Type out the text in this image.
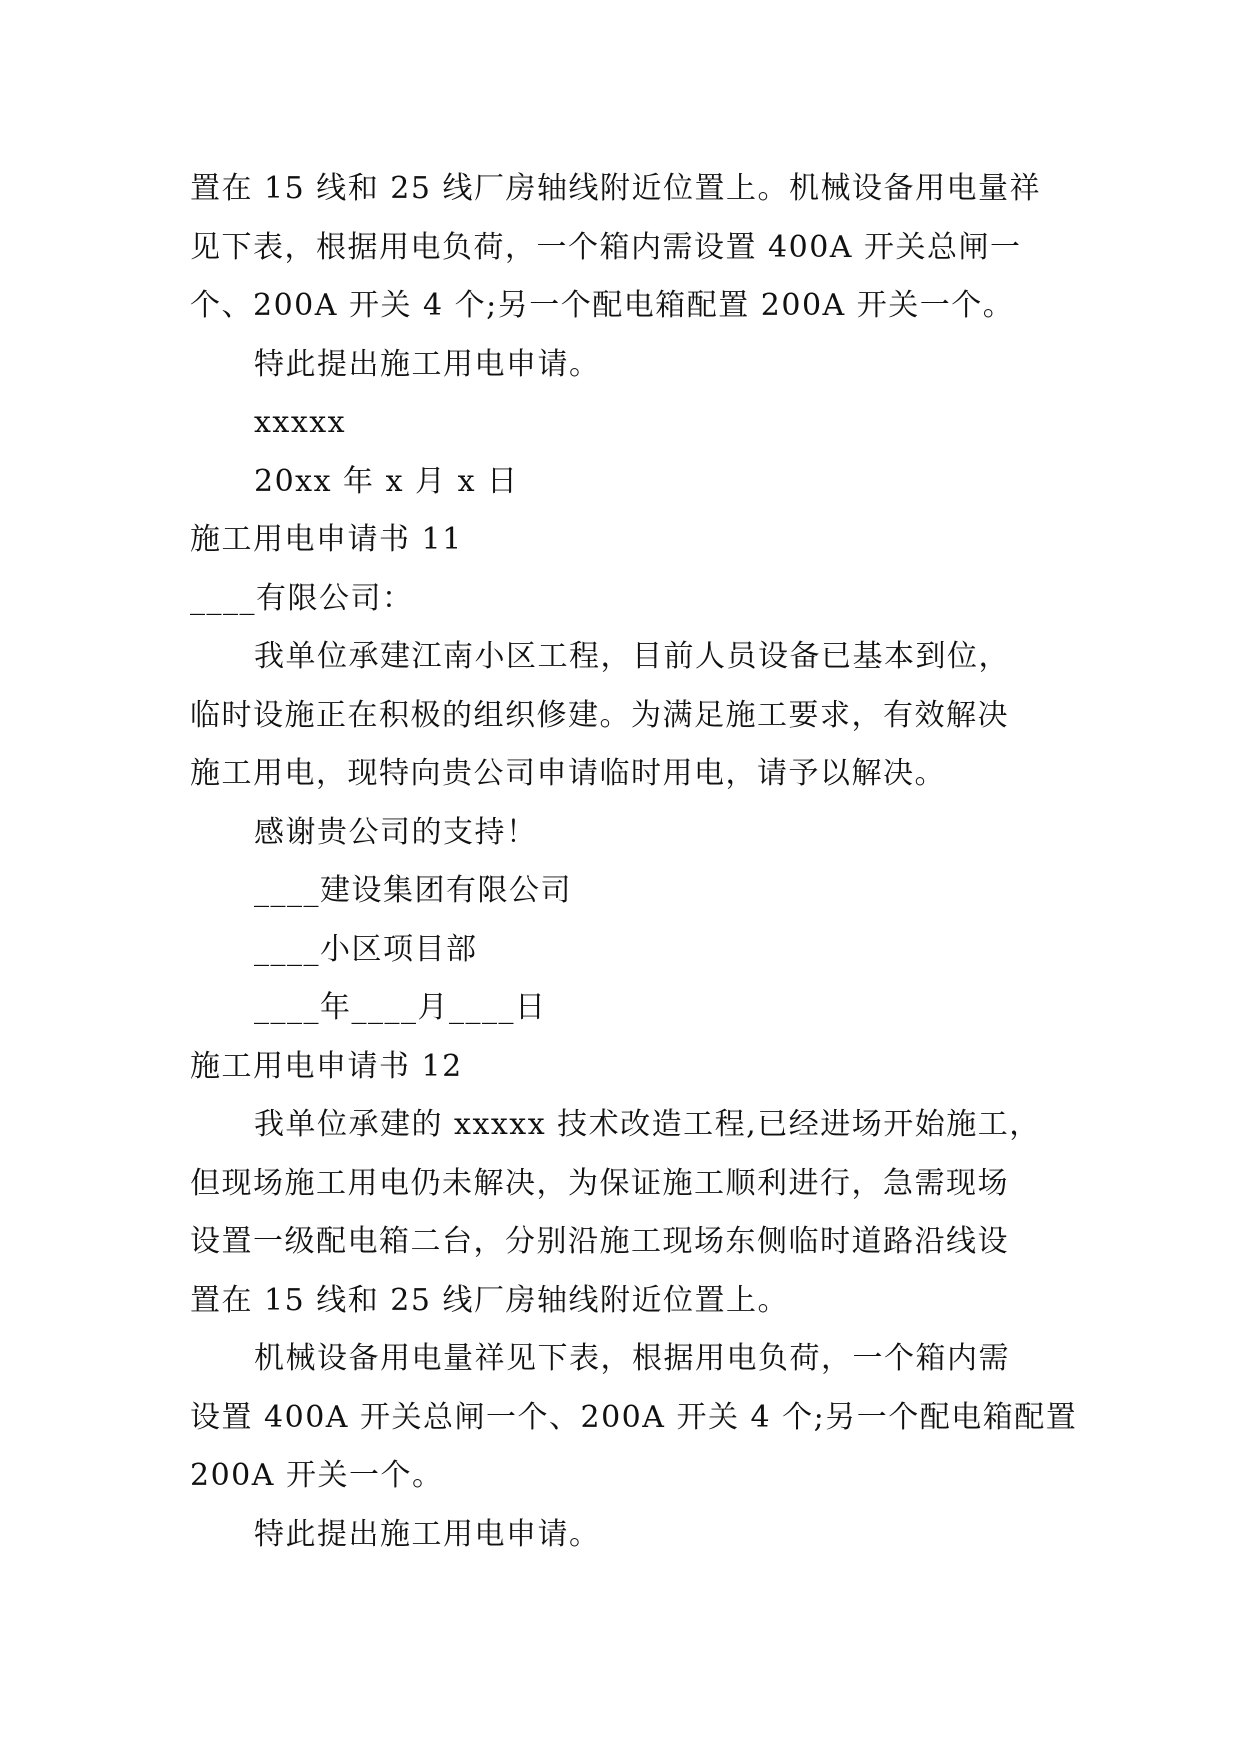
置在 15 线和 25 线厂房轴线附近位置上。机械设备用电量祥
见下表，根据用电负荷，一个箱内需设置 400A 开关总闸一
个、200A 开关 4 个;另一个配电箱配置 200A 开关一个。
特此提出施工用电申请。
xxxxx
20xx 年 x 月 x 日
施工用电申请书 11
____有限公司：
我单位承建江南小区工程，目前人员设备已基本到位，
临时设施正在积极的组织修建。为满足施工要求，有效解决
施工用电，现特向贵公司申请临时用电，请予以解决。
感谢贵公司的支持！
____建设集团有限公司
____小区项目部
____年____月____日
施工用电申请书 12
我单位承建的 xxxxx 技术改造工程,已经进场开始施工，
但现场施工用电仍未解决，为保证施工顺利进行，急需现场
设置一级配电箱二台，分别沿施工现场东侧临时道路沿线设
置在 15 线和 25 线厂房轴线附近位置上。
机械设备用电量祥见下表，根据用电负荷，一个箱内需
设置 400A 开关总闸一个、200A 开关 4 个;另一个配电箱配置
200A 开关一个。
特此提出施工用电申请。
